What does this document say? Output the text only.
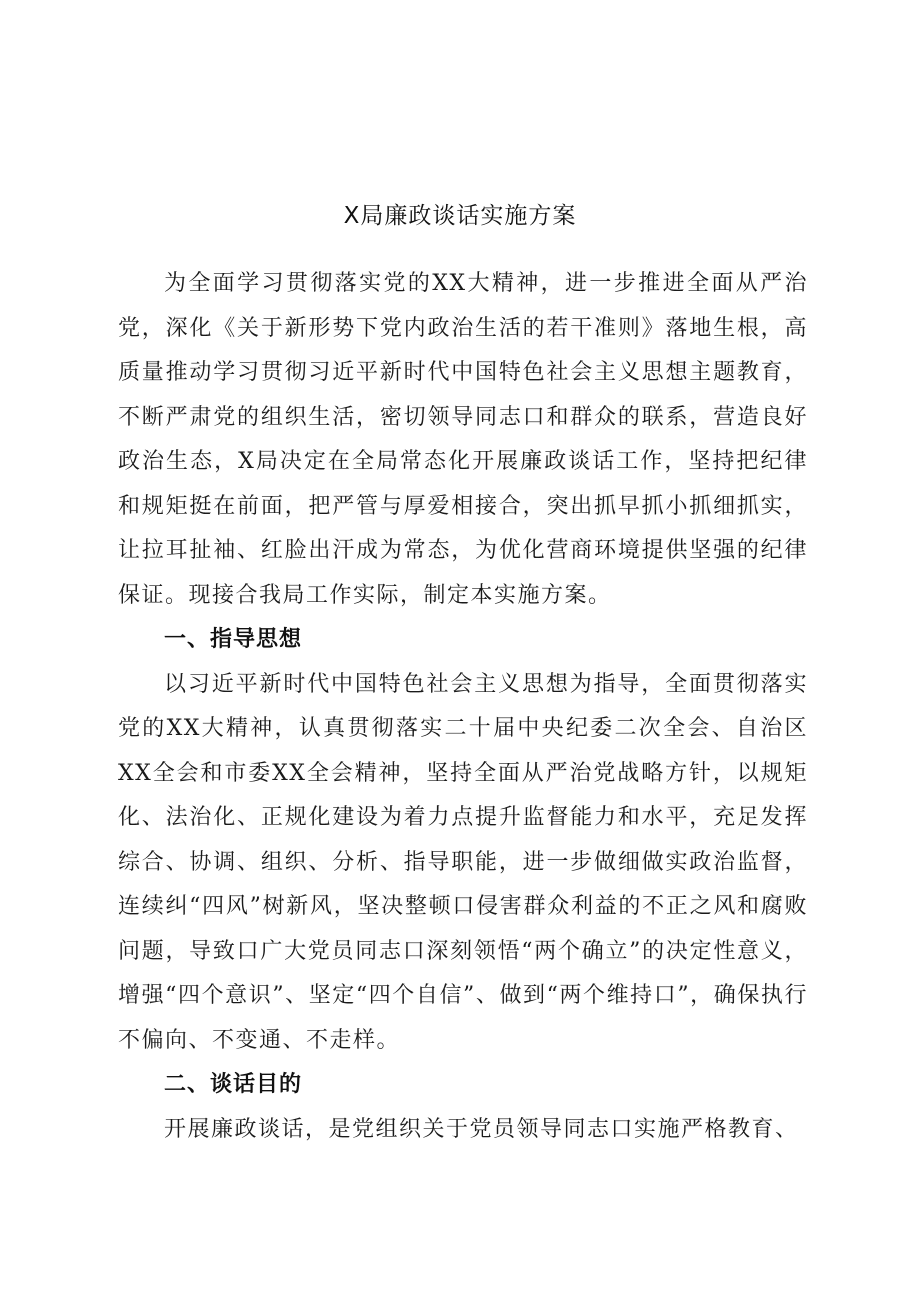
X局廉政谈话实施方案

为全面学习贯彻落实党的XX大精神，进一步推进全面从严治党，深化《关于新形势下党内政治生活的若干准则》落地生根，高质量推动学习贯彻习近平新时代中国特色社会主义思想主题教育，不断严肃党的组织生活，密切领导同志口和群众的联系，营造良好政治生态，X局决定在全局常态化开展廉政谈话工作，坚持把纪律和规矩挺在前面，把严管与厚爱相接合，突出抓早抓小抓细抓实，让拉耳扯袖、红脸出汗成为常态，为优化营商环境提供坚强的纪律保证。现接合我局工作实际，制定本实施方案。

一、指导思想

以习近平新时代中国特色社会主义思想为指导，全面贯彻落实党的XX大精神，认真贯彻落实二十届中央纪委二次全会、自治区XX全会和市委XX全会精神，坚持全面从严治党战略方针，以规矩化、法治化、正规化建设为着力点提升监督能力和水平，充足发挥综合、协调、组织、分析、指导职能，进一步做细做实政治监督，连续纠“四风”树新风，坚决整顿口侵害群众利益的不正之风和腐败问题，导致口广大党员同志口深刻领悟“两个确立”的决定性意义，增强“四个意识”、坚定“四个自信”、做到“两个维持口”，确保执行不偏向、不变通、不走样。

二、谈话目的

开展廉政谈话，是党组织关于党员领导同志口实施严格教育、
